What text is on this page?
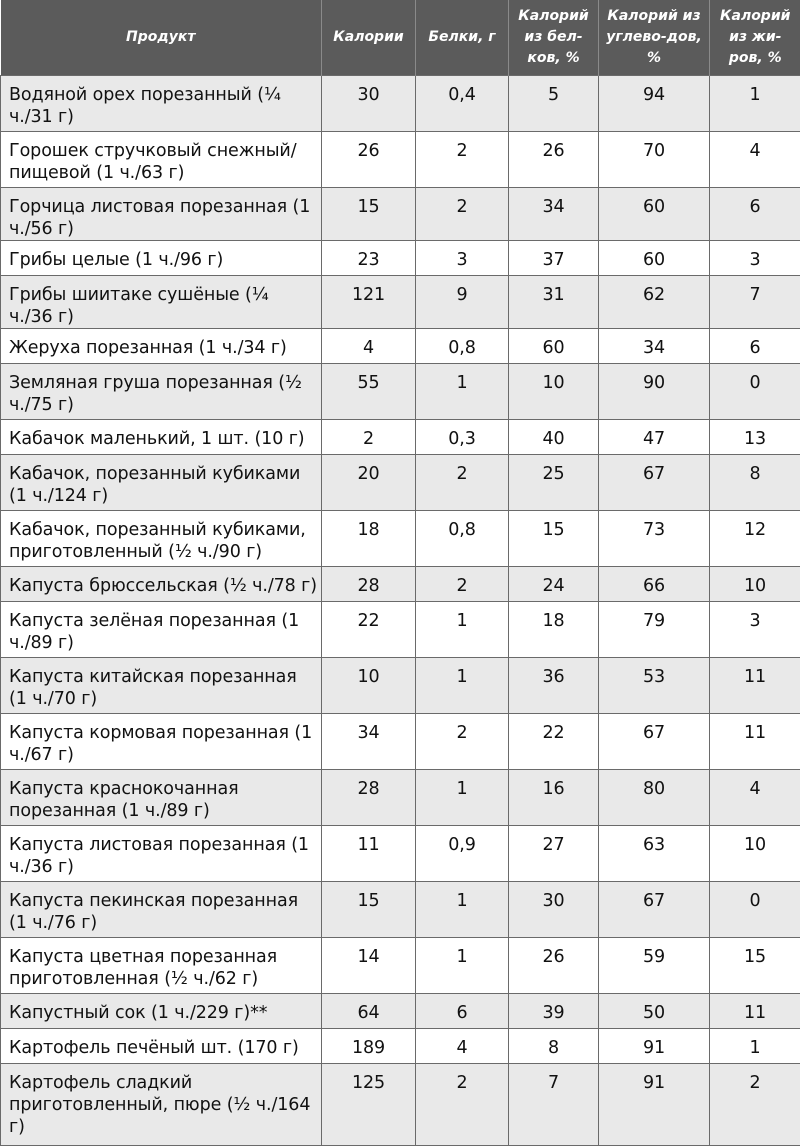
Продукт	Калории	Белки, г	Калорий из бел-ков, %	Калорий из углево-дов, %	Калорий из жи-ров, %
Водяной орех порезанный (¼ ч./31 г)	30	0,4	5	94	1
Горошек стручковый снежный/пищевой (1 ч./63 г)	26	2	26	70	4
Горчица листовая порезанная (1 ч./56 г)	15	2	34	60	6
Грибы целые (1 ч./96 г)	23	3	37	60	3
Грибы шиитаке сушёные (¼ ч./36 г)	121	9	31	62	7
Жеруха порезанная (1 ч./34 г)	4	0,8	60	34	6
Земляная груша порезанная (½ ч./75 г)	55	1	10	90	0
Кабачок маленький, 1 шт. (10 г)	2	0,3	40	47	13
Кабачок, порезанный кубиками (1 ч./124 г)	20	2	25	67	8
Кабачок, порезанный кубиками, приготовленный (½ ч./90 г)	18	0,8	15	73	12
Капуста брюссельская (½ ч./78 г)	28	2	24	66	10
Капуста зелёная порезанная (1 ч./89 г)	22	1	18	79	3
Капуста китайская порезанная (1 ч./70 г)	10	1	36	53	11
Капуста кормовая порезанная (1 ч./67 г)	34	2	22	67	11
Капуста краснокочанная порезанная (1 ч./89 г)	28	1	16	80	4
Капуста листовая порезанная (1 ч./36 г)	11	0,9	27	63	10
Капуста пекинская порезанная (1 ч./76 г)	15	1	30	67	0
Капуста цветная порезанная приготовленная (½ ч./62 г)	14	1	26	59	15
Капустный сок (1 ч./229 г)**	64	6	39	50	11
Картофель печёный шт. (170 г)	189	4	8	91	1
Картофель сладкий приготовленный, пюре (½ ч./164 г)	125	2	7	91	2
